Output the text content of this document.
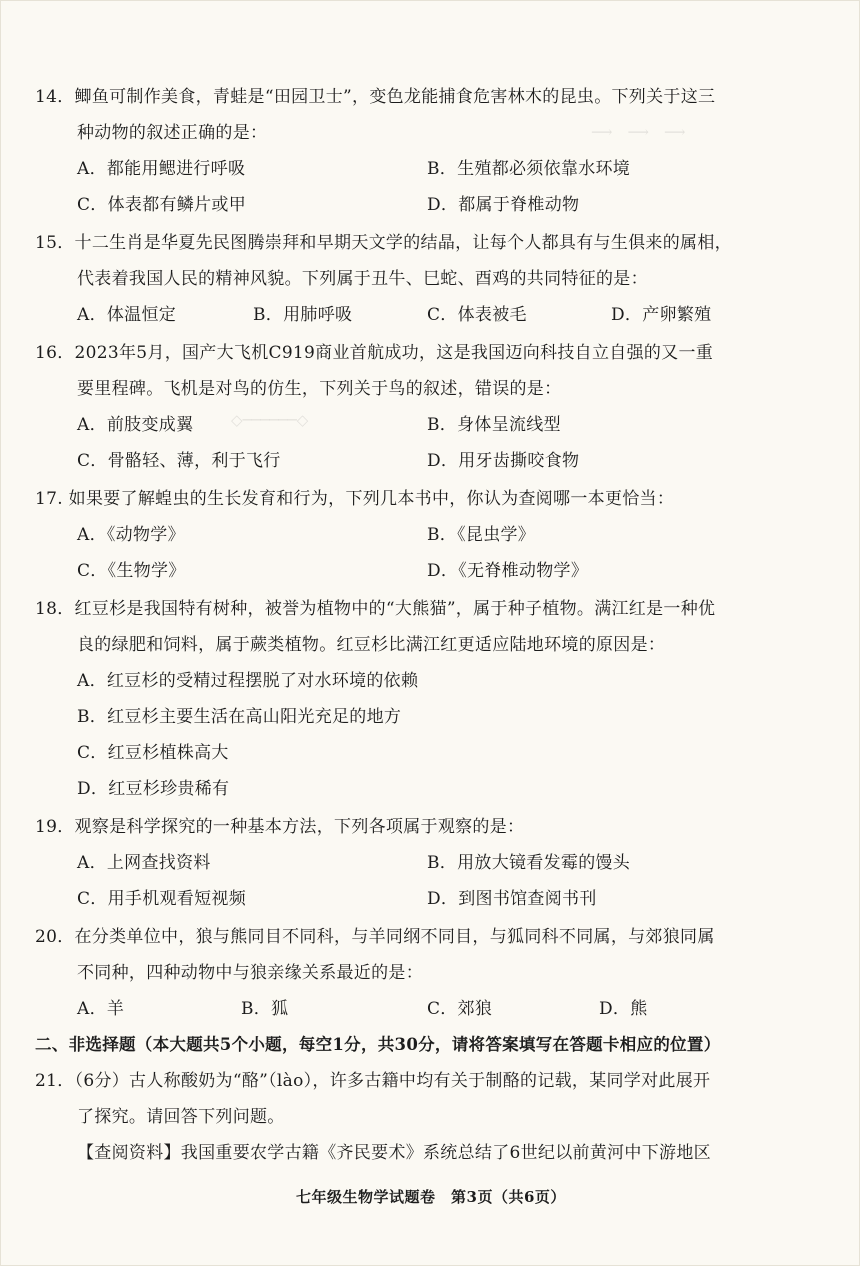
⟶　⟶　⟶
◇──────◇
14．鲫鱼可制作美食，青蛙是“田园卫士”，变色龙能捕食危害林木的昆虫。下列关于这三
种动物的叙述正确的是：
A．都能用鳃进行呼吸	B．生殖都必须依靠水环境
C．体表都有鳞片或甲	D．都属于脊椎动物
15．十二生肖是华夏先民图腾崇拜和早期天文学的结晶，让每个人都具有与生俱来的属相，
代表着我国人民的精神风貌。下列属于丑牛、巳蛇、酉鸡的共同特征的是：
A．体温恒定	B．用肺呼吸	C．体表被毛	D．产卵繁殖
16．2023年5月，国产大飞机C919商业首航成功，这是我国迈向科技自立自强的又一重
要里程碑。飞机是对鸟的仿生，下列关于鸟的叙述，错误的是：
A．前肢变成翼	B．身体呈流线型
C．骨骼轻、薄，利于飞行	D．用牙齿撕咬食物
17. 如果要了解蝗虫的生长发育和行为，下列几本书中，你认为查阅哪一本更恰当：
A．《动物学》	B．《昆虫学》
C．《生物学》	D．《无脊椎动物学》
18．红豆杉是我国特有树种，被誉为植物中的“大熊猫”，属于种子植物。满江红是一种优
良的绿肥和饲料，属于蕨类植物。红豆杉比满江红更适应陆地环境的原因是：
A．红豆杉的受精过程摆脱了对水环境的依赖
B．红豆杉主要生活在高山阳光充足的地方
C．红豆杉植株高大
D．红豆杉珍贵稀有
19．观察是科学探究的一种基本方法，下列各项属于观察的是：
A．上网查找资料	B．用放大镜看发霉的馒头
C．用手机观看短视频	D．到图书馆查阅书刊
20．在分类单位中，狼与熊同目不同科，与羊同纲不同目，与狐同科不同属，与郊狼同属
不同种，四种动物中与狼亲缘关系最近的是：
A．羊	B．狐	C．郊狼	D．熊
二、非选择题（本大题共5个小题，每空1分，共30分，请将答案填写在答题卡相应的位置）
21．（6分）古人称酸奶为“酪”（lào），许多古籍中均有关于制酪的记载，某同学对此展开
了探究。请回答下列问题。
【查阅资料】我国重要农学古籍《齐民要术》系统总结了6世纪以前黄河中下游地区
七年级生物学试题卷　第3页（共6页）
